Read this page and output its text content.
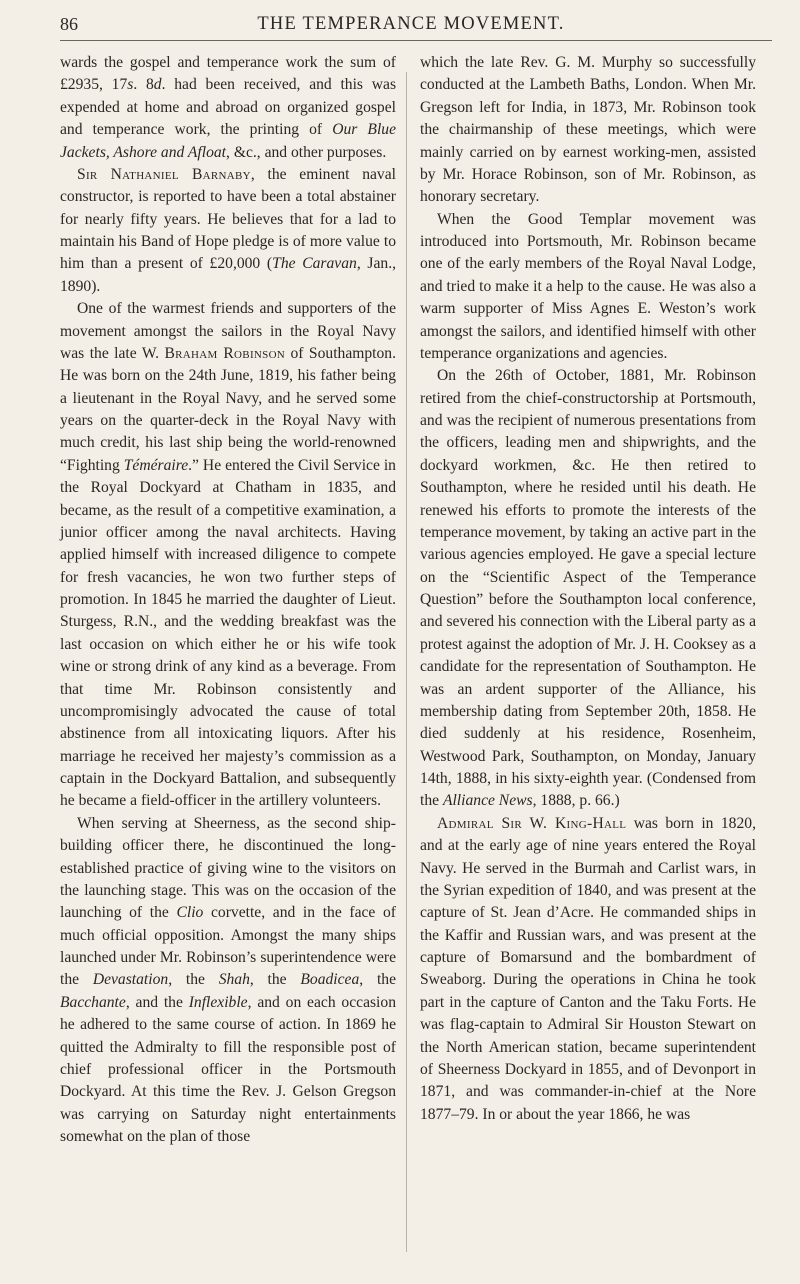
86	THE TEMPERANCE MOVEMENT.

wards the gospel and temperance work the sum of £2935, 17s. 8d. had been received, and this was expended at home and abroad on organized gospel and temperance work, the printing of Our Blue Jackets, Ashore and Afloat, &c., and other purposes.

Sir Nathaniel Barnaby, the eminent naval constructor, is reported to have been a total abstainer for nearly fifty years. He believes that for a lad to maintain his Band of Hope pledge is of more value to him than a present of £20,000 (The Caravan, Jan., 1890).

One of the warmest friends and supporters of the movement amongst the sailors in the Royal Navy was the late W. Braham Robinson of Southampton. He was born on the 24th June, 1819, his father being a lieutenant in the Royal Navy, and he served some years on the quarter-deck in the Royal Navy with much credit, his last ship being the world-renowned “Fighting Téméraire.” He entered the Civil Service in the Royal Dockyard at Chatham in 1835, and became, as the result of a competitive examination, a junior officer among the naval architects. Having applied himself with increased diligence to compete for fresh vacancies, he won two further steps of promotion. In 1845 he married the daughter of Lieut. Sturgess, R.N., and the wedding breakfast was the last occasion on which either he or his wife took wine or strong drink of any kind as a beverage. From that time Mr. Robinson consistently and uncompromisingly advocated the cause of total abstinence from all intoxicating liquors. After his marriage he received her majesty’s commission as a captain in the Dockyard Battalion, and subsequently he became a field-officer in the artillery volunteers.

When serving at Sheerness, as the second ship-building officer there, he discontinued the long-established practice of giving wine to the visitors on the launching stage. This was on the occasion of the launching of the Clio corvette, and in the face of much official opposition. Amongst the many ships launched under Mr. Robinson’s superintendence were the Devastation, the Shah, the Boadicea, the Bacchante, and the Inflexible, and on each occasion he adhered to the same course of action. In 1869 he quitted the Admiralty to fill the responsible post of chief professional officer in the Portsmouth Dockyard. At this time the Rev. J. Gelson Gregson was carrying on Saturday night entertainments somewhat on the plan of those

which the late Rev. G. M. Murphy so successfully conducted at the Lambeth Baths, London. When Mr. Gregson left for India, in 1873, Mr. Robinson took the chairmanship of these meetings, which were mainly carried on by earnest working-men, assisted by Mr. Horace Robinson, son of Mr. Robinson, as honorary secretary.

When the Good Templar movement was introduced into Portsmouth, Mr. Robinson became one of the early members of the Royal Naval Lodge, and tried to make it a help to the cause. He was also a warm supporter of Miss Agnes E. Weston’s work amongst the sailors, and identified himself with other temperance organizations and agencies.

On the 26th of October, 1881, Mr. Robinson retired from the chief-constructorship at Portsmouth, and was the recipient of numerous presentations from the officers, leading men and shipwrights, and the dockyard workmen, &c. He then retired to Southampton, where he resided until his death. He renewed his efforts to promote the interests of the temperance movement, by taking an active part in the various agencies employed. He gave a special lecture on the “Scientific Aspect of the Temperance Question” before the Southampton local conference, and severed his connection with the Liberal party as a protest against the adoption of Mr. J. H. Cooksey as a candidate for the representation of Southampton. He was an ardent supporter of the Alliance, his membership dating from September 20th, 1858. He died suddenly at his residence, Rosenheim, Westwood Park, Southampton, on Monday, January 14th, 1888, in his sixty-eighth year. (Condensed from the Alliance News, 1888, p. 66.)

Admiral Sir W. King-Hall was born in 1820, and at the early age of nine years entered the Royal Navy. He served in the Burmah and Carlist wars, in the Syrian expedition of 1840, and was present at the capture of St. Jean d’Acre. He commanded ships in the Kaffir and Russian wars, and was present at the capture of Bomarsund and the bombardment of Sweaborg. During the operations in China he took part in the capture of Canton and the Taku Forts. He was flag-captain to Admiral Sir Houston Stewart on the North American station, became superintendent of Sheerness Dockyard in 1855, and of Devonport in 1871, and was commander-in-chief at the Nore 1877–79. In or about the year 1866, he was
